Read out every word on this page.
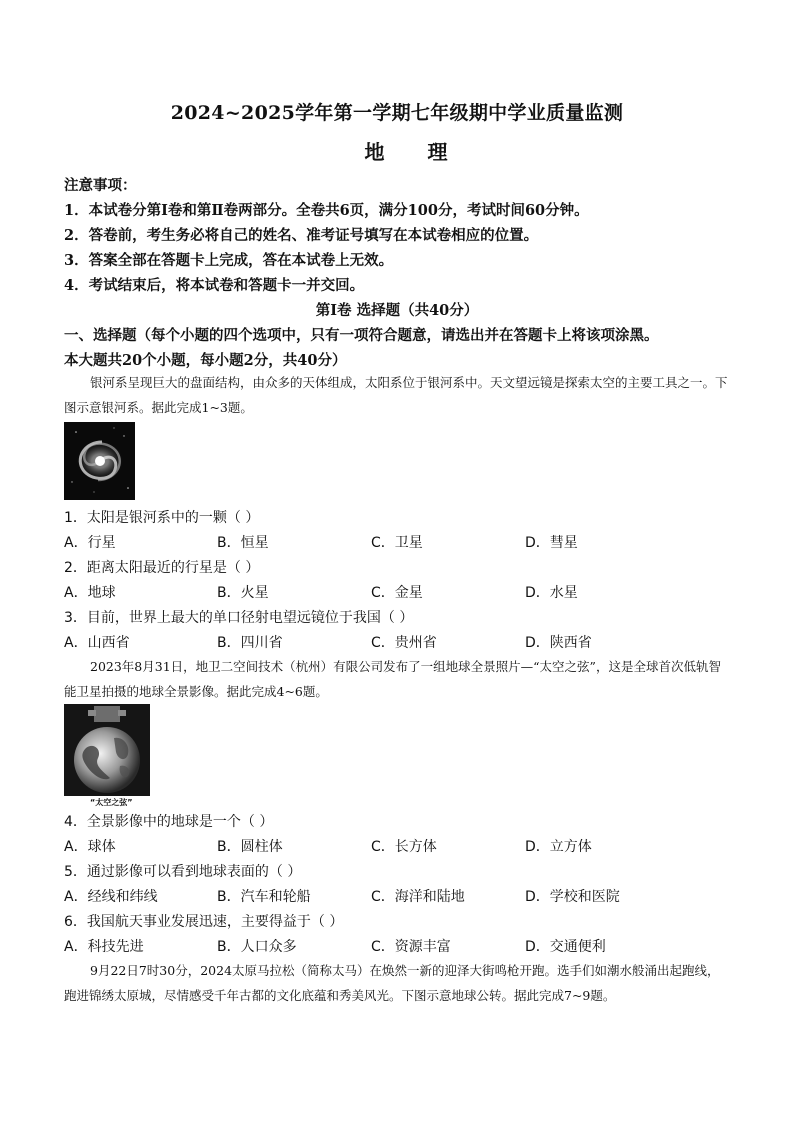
2024~2025学年第一学期七年级期中学业质量监测
地 理
注意事项：
1．本试卷分第Ⅰ卷和第Ⅱ卷两部分。全卷共6页，满分100分，考试时间60分钟。
2．答卷前，考生务必将自己的姓名、准考证号填写在本试卷相应的位置。
3．答案全部在答题卡上完成，答在本试卷上无效。
4．考试结束后，将本试卷和答题卡一并交回。
第Ⅰ卷 选择题（共40分）
一、选择题（每个小题的四个选项中，只有一项符合题意，请选出并在答题卡上将该项涂黑。
本大题共20个小题，每小题2分，共40分）
银河系呈现巨大的盘面结构，由众多的天体组成，太阳系位于银河系中。天文望远镜是探索太空的主要工具之一。下图示意银河系。据此完成1~3题。
1．太阳是银河系中的一颗（ ）
A．行星	B．恒星	C．卫星	D．彗星
2．距离太阳最近的行星是（ ）
A．地球	B．火星	C．金星	D．水星
3．目前，世界上最大的单口径射电望远镜位于我国（ ）
A．山西省	B．四川省	C．贵州省	D．陕西省
2023年8月31日，地卫二空间技术（杭州）有限公司发布了一组地球全景照片—“太空之弦”，这是全球首次低轨智能卫星拍摄的地球全景影像。据此完成4~6题。
“太空之弦”
4．全景影像中的地球是一个（ ）
A．球体	B．圆柱体	C．长方体	D．立方体
5．通过影像可以看到地球表面的（ ）
A．经线和纬线	B．汽车和轮船	C．海洋和陆地	D．学校和医院
6．我国航天事业发展迅速，主要得益于（ ）
A．科技先进	B．人口众多	C．资源丰富	D．交通便利
9月22日7时30分，2024太原马拉松（简称太马）在焕然一新的迎泽大街鸣枪开跑。选手们如潮水般涌出起跑线，跑进锦绣太原城，尽情感受千年古都的文化底蕴和秀美风光。下图示意地球公转。据此完成7~9题。
